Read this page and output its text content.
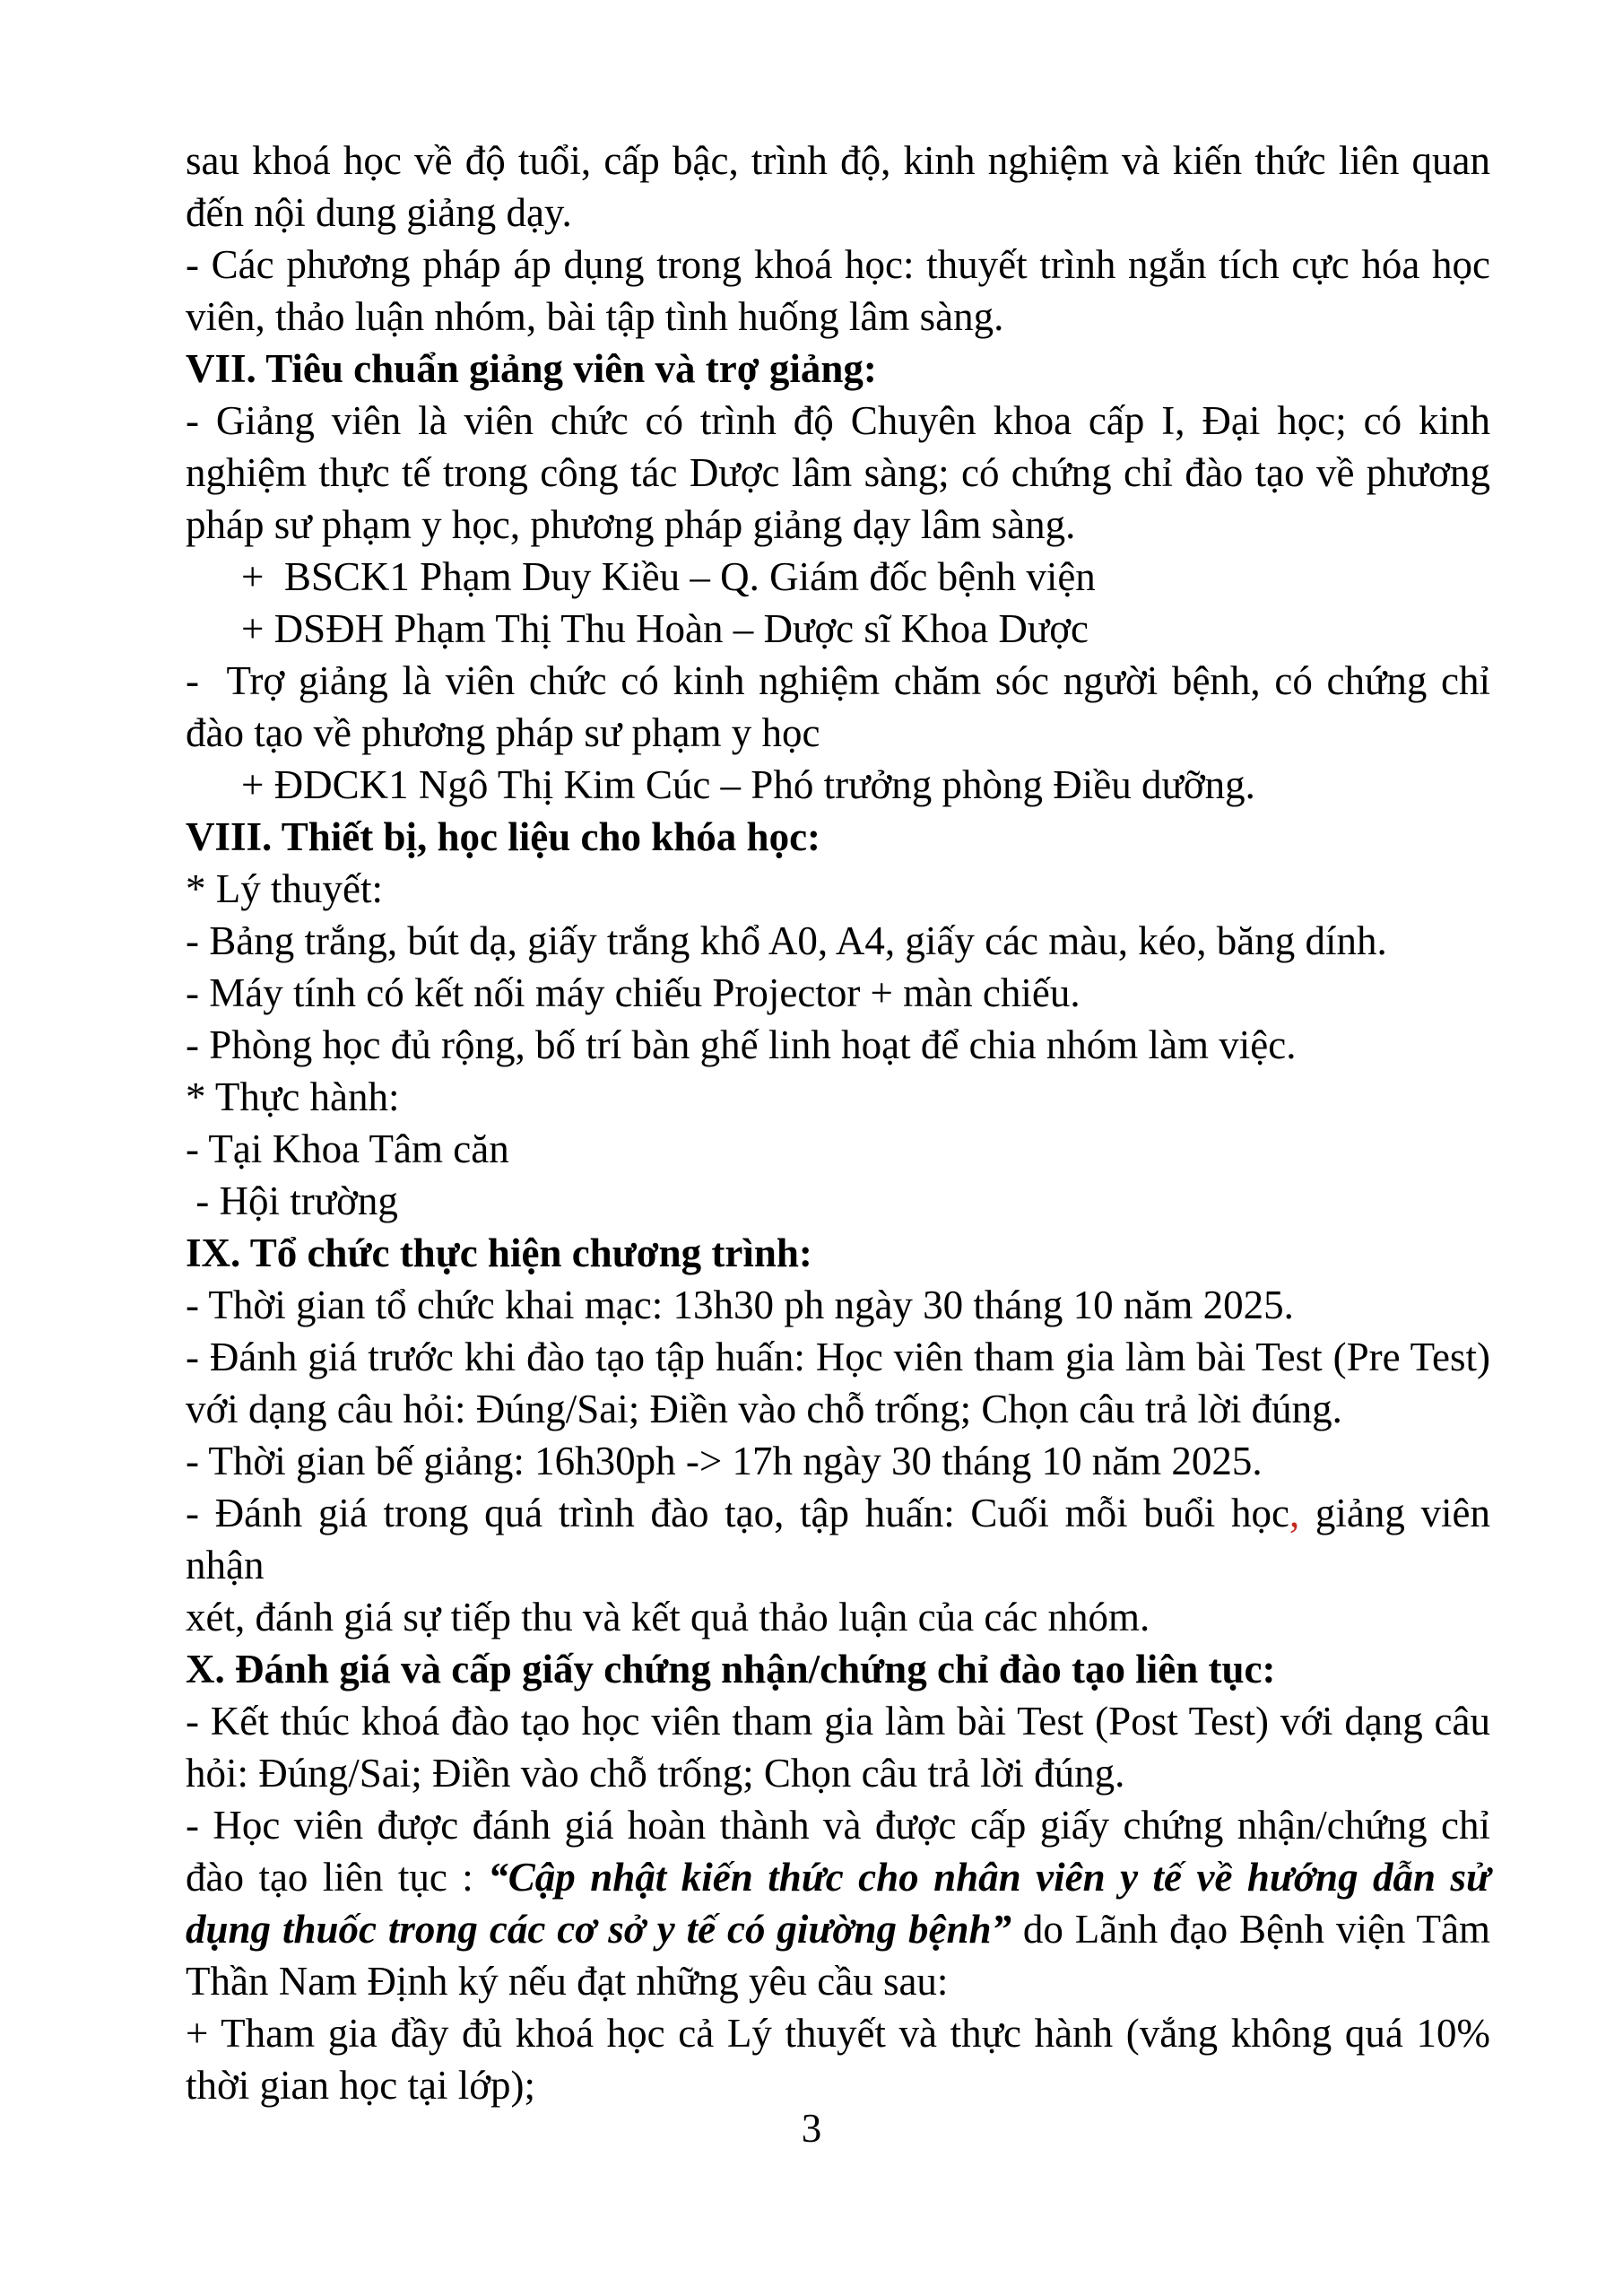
sau khoá học về độ tuổi, cấp bậc, trình độ, kinh nghiệm và kiến thức liên quan
đến nội dung giảng dạy.
- Các phương pháp áp dụng trong khoá học: thuyết trình ngắn tích cực hóa học
viên, thảo luận nhóm, bài tập tình huống lâm sàng.
VII. Tiêu chuẩn giảng viên và trợ giảng:
- Giảng viên là viên chức có trình độ Chuyên khoa cấp I, Đại học; có kinh
nghiệm thực tế trong công tác Dược lâm sàng; có chứng chỉ đào tạo về phương
pháp sư phạm y học, phương pháp giảng dạy lâm sàng.
+  BSCK1 Phạm Duy Kiều – Q. Giám đốc bệnh viện
+ DSĐH Phạm Thị Thu Hoàn – Dược sĩ Khoa Dược
-  Trợ giảng là viên chức có kinh nghiệm chăm sóc người bệnh, có chứng chỉ
đào tạo về phương pháp sư phạm y học
+ ĐDCK1 Ngô Thị Kim Cúc – Phó trưởng phòng Điều dưỡng.
VIII. Thiết bị, học liệu cho khóa học:
* Lý thuyết:
- Bảng trắng, bút dạ, giấy trắng khổ A0, A4, giấy các màu, kéo, băng dính.
- Máy tính có kết nối máy chiếu Projector + màn chiếu.
- Phòng học đủ rộng, bố trí bàn ghế linh hoạt để chia nhóm làm việc.
* Thực hành:
- Tại Khoa Tâm căn
- Hội trường
IX. Tổ chức thực hiện chương trình:
- Thời gian tổ chức khai mạc: 13h30 ph ngày 30 tháng 10 năm 2025.
- Đánh giá trước khi đào tạo tập huấn: Học viên tham gia làm bài Test (Pre Test)
với dạng câu hỏi: Đúng/Sai; Điền vào chỗ trống; Chọn câu trả lời đúng.
- Thời gian bế giảng: 16h30ph -> 17h ngày 30 tháng 10 năm 2025.
- Đánh giá trong quá trình đào tạo, tập huấn: Cuối mỗi buổi học, giảng viên nhận
xét, đánh giá sự tiếp thu và kết quả thảo luận của các nhóm.
X. Đánh giá và cấp giấy chứng nhận/chứng chỉ đào tạo liên tục:
- Kết thúc khoá đào tạo học viên tham gia làm bài Test (Post Test) với dạng câu
hỏi: Đúng/Sai; Điền vào chỗ trống; Chọn câu trả lời đúng.
- Học viên được đánh giá hoàn thành và được cấp giấy chứng nhận/chứng chỉ
đào tạo liên tục : “Cập nhật kiến thức cho nhân viên y tế về hướng dẫn sử
dụng thuốc trong các cơ sở y tế có giường bệnh” do Lãnh đạo Bệnh viện Tâm
Thần Nam Định ký nếu đạt những yêu cầu sau:
+ Tham gia đầy đủ khoá học cả Lý thuyết và thực hành (vắng không quá 10%
thời gian học tại lớp);
3
